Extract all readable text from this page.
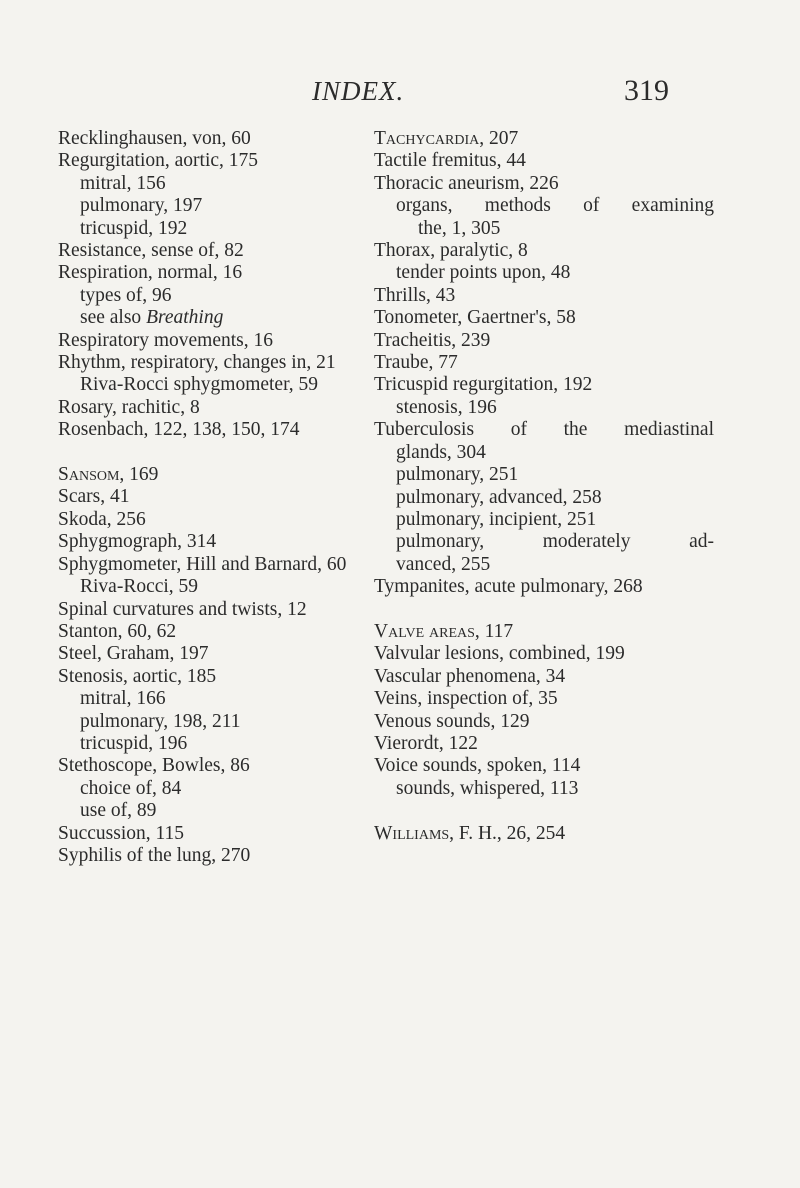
INDEX.	319
Recklinghausen, von, 60
Regurgitation, aortic, 175
mitral, 156
pulmonary, 197
tricuspid, 192
Resistance, sense of, 82
Respiration, normal, 16
types of, 96
see also Breathing
Respiratory movements, 16
Rhythm, respiratory, changes in, 21
Riva-Rocci sphygmometer, 59
Rosary, rachitic, 8
Rosenbach, 122, 138, 150, 174
Sansom, 169
Scars, 41
Skoda, 256
Sphygmograph, 314
Sphygmometer, Hill and Barnard, 60
Riva-Rocci, 59
Spinal curvatures and twists, 12
Stanton, 60, 62
Steel, Graham, 197
Stenosis, aortic, 185
mitral, 166
pulmonary, 198, 211
tricuspid, 196
Stethoscope, Bowles, 86
choice of, 84
use of, 89
Succussion, 115
Syphilis of the lung, 270
Tachycardia, 207
Tactile fremitus, 44
Thoracic aneurism, 226
organs, methods of examining
the, 1, 305
Thorax, paralytic, 8
tender points upon, 48
Thrills, 43
Tonometer, Gaertner's, 58
Tracheitis, 239
Traube, 77
Tricuspid regurgitation, 192
stenosis, 196
Tuberculosis of the mediastinal
glands, 304
pulmonary, 251
pulmonary, advanced, 258
pulmonary, incipient, 251
pulmonary, moderately ad-
vanced, 255
Tympanites, acute pulmonary, 268
Valve areas, 117
Valvular lesions, combined, 199
Vascular phenomena, 34
Veins, inspection of, 35
Venous sounds, 129
Vierordt, 122
Voice sounds, spoken, 114
sounds, whispered, 113
Williams, F. H., 26, 254
